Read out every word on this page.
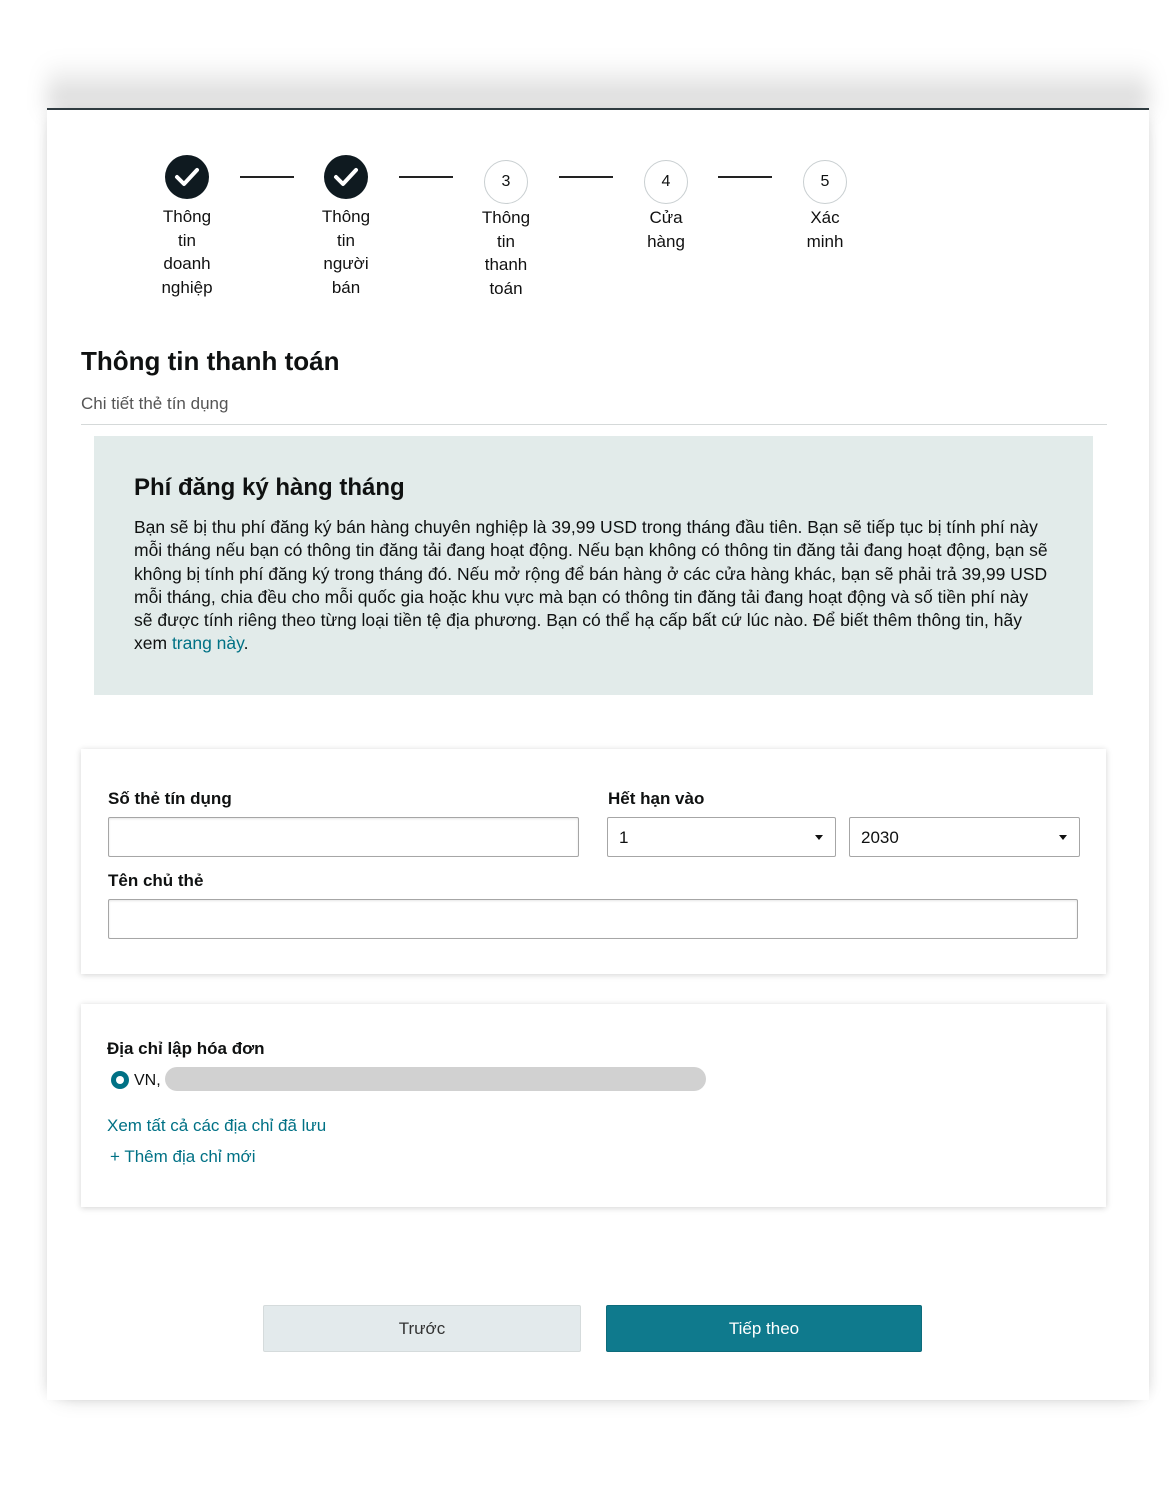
Thông
tin
doanh
nghiệp
Thông
tin
người
bán
3
Thông
tin
thanh
toán
4
Cửa
hàng
5
Xác
minh
Thông tin thanh toán
Chi tiết thẻ tín dụng
Phí đăng ký hàng tháng
Bạn sẽ bị thu phí đăng ký bán hàng chuyên nghiệp là 39,99 USD trong tháng đầu tiên. Bạn sẽ tiếp tục bị tính phí này mỗi tháng nếu bạn có thông tin đăng tải đang hoạt động. Nếu bạn không có thông tin đăng tải đang hoạt động, bạn sẽ không bị tính phí đăng ký trong tháng đó. Nếu mở rộng để bán hàng ở các cửa hàng khác, bạn sẽ phải trả 39,99 USD mỗi tháng, chia đều cho mỗi quốc gia hoặc khu vực mà bạn có thông tin đăng tải đang hoạt động và số tiền phí này sẽ được tính riêng theo từng loại tiền tệ địa phương. Bạn có thể hạ cấp bất cứ lúc nào. Để biết thêm thông tin, hãy xem trang này.
Số thẻ tín dụng	Hết hạn vào
1	2030
Tên chủ thẻ
Địa chỉ lập hóa đơn
VN,
Xem tất cả các địa chỉ đã lưu
+ Thêm địa chỉ mới
Trước	Tiếp theo
